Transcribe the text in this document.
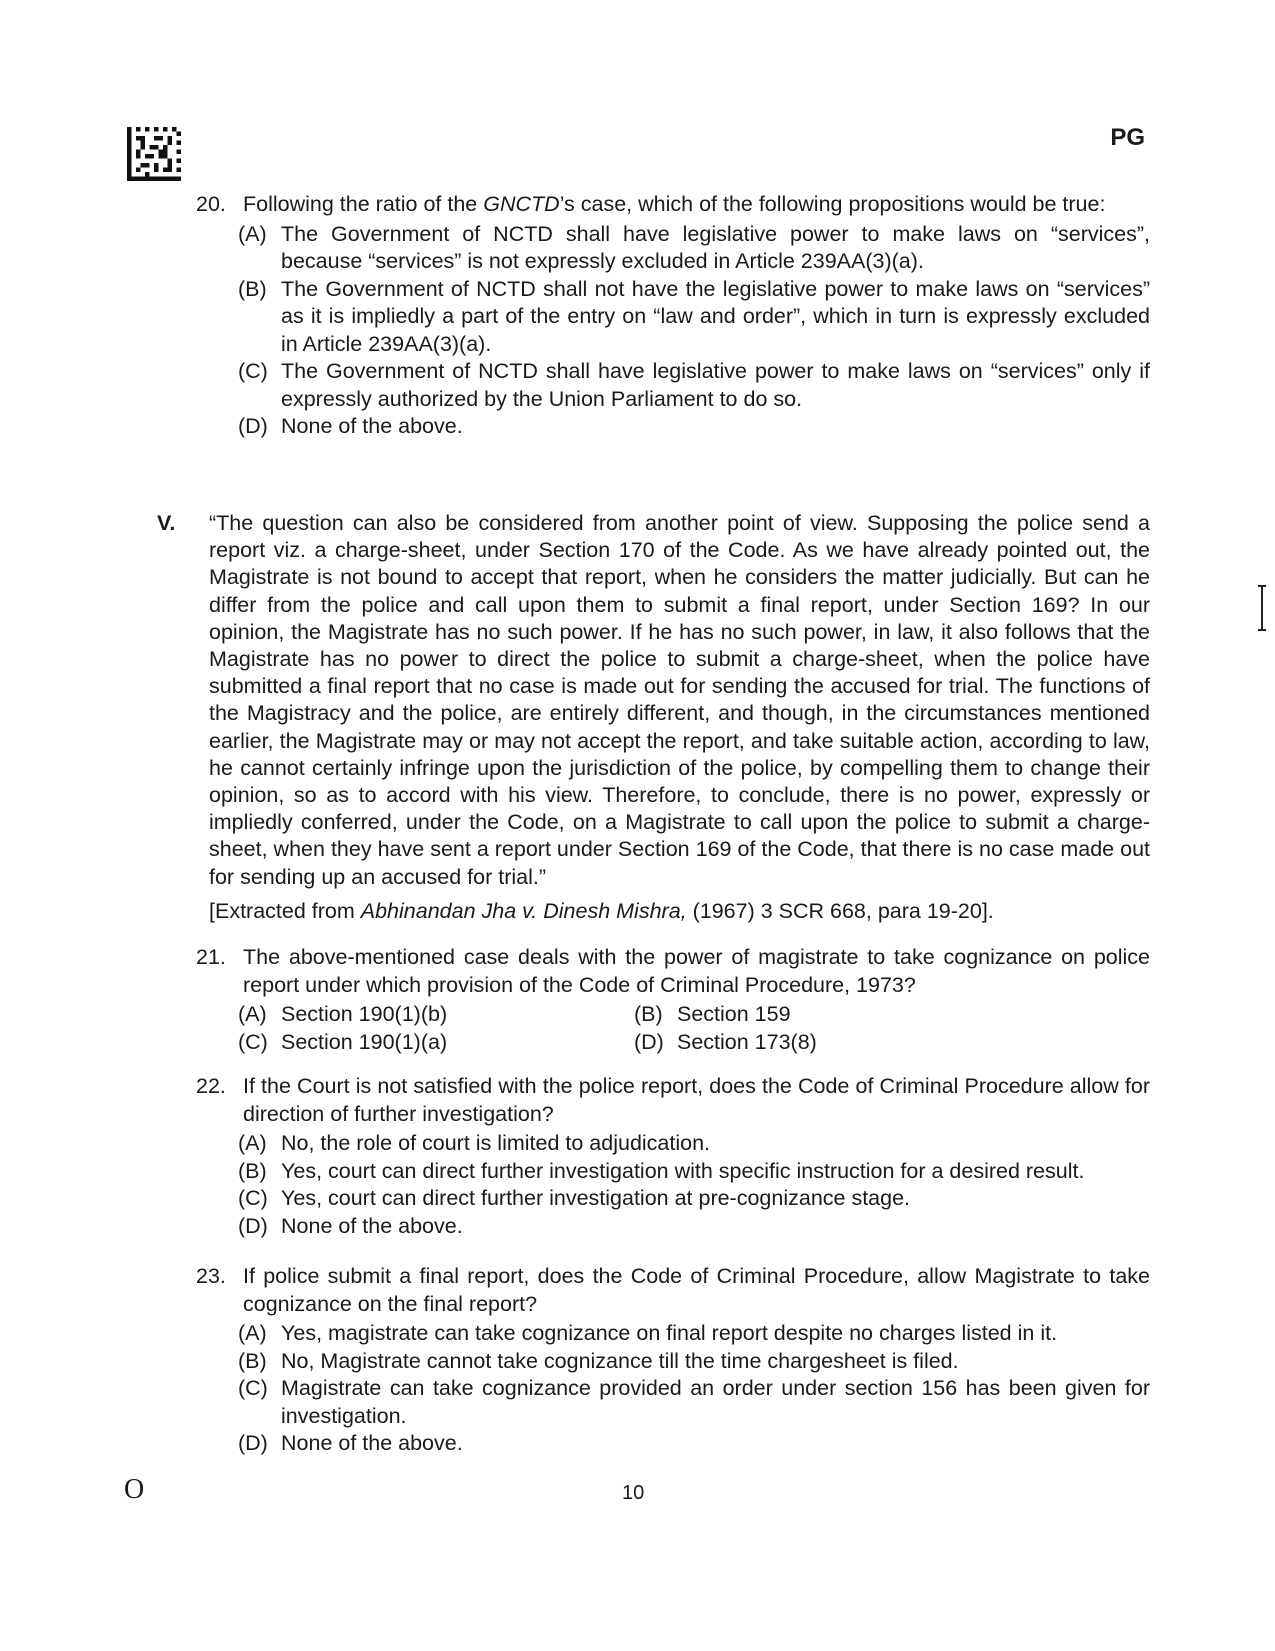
PG
20. Following the ratio of the GNCTD’s case, which of the following propositions would be true:
(A) The Government of NCTD shall have legislative power to make laws on “services”, because “services” is not expressly excluded in Article 239AA(3)(a).
(B) The Government of NCTD shall not have the legislative power to make laws on “services” as it is impliedly a part of the entry on “law and order”, which in turn is expressly excluded in Article 239AA(3)(a).
(C) The Government of NCTD shall have legislative power to make laws on “services” only if expressly authorized by the Union Parliament to do so.
(D) None of the above.
V. “The question can also be considered from another point of view. Supposing the police send a report viz. a charge-sheet, under Section 170 of the Code. As we have already pointed out, the Magistrate is not bound to accept that report, when he considers the matter judicially. But can he differ from the police and call upon them to submit a final report, under Section 169? In our opinion, the Magistrate has no such power. If he has no such power, in law, it also follows that the Magistrate has no power to direct the police to submit a charge-sheet, when the police have submitted a final report that no case is made out for sending the accused for trial. The functions of the Magistracy and the police, are entirely different, and though, in the circumstances mentioned earlier, the Magistrate may or may not accept the report, and take suitable action, according to law, he cannot certainly infringe upon the jurisdiction of the police, by compelling them to change their opinion, so as to accord with his view. Therefore, to conclude, there is no power, expressly or impliedly conferred, under the Code, on a Magistrate to call upon the police to submit a charge-sheet, when they have sent a report under Section 169 of the Code, that there is no case made out for sending up an accused for trial.”
[Extracted from Abhinandan Jha v. Dinesh Mishra, (1967) 3 SCR 668, para 19-20].
21. The above-mentioned case deals with the power of magistrate to take cognizance on police report under which provision of the Code of Criminal Procedure, 1973?
(A) Section 190(1)(b)	(B) Section 159
(C) Section 190(1)(a)	(D) Section 173(8)
22. If the Court is not satisfied with the police report, does the Code of Criminal Procedure allow for direction of further investigation?
(A) No, the role of court is limited to adjudication.
(B) Yes, court can direct further investigation with specific instruction for a desired result.
(C) Yes, court can direct further investigation at pre-cognizance stage.
(D) None of the above.
23. If police submit a final report, does the Code of Criminal Procedure, allow Magistrate to take cognizance on the final report?
(A) Yes, magistrate can take cognizance on final report despite no charges listed in it.
(B) No, Magistrate cannot take cognizance till the time chargesheet is filed.
(C) Magistrate can take cognizance provided an order under section 156 has been given for investigation.
(D) None of the above.
O	10
